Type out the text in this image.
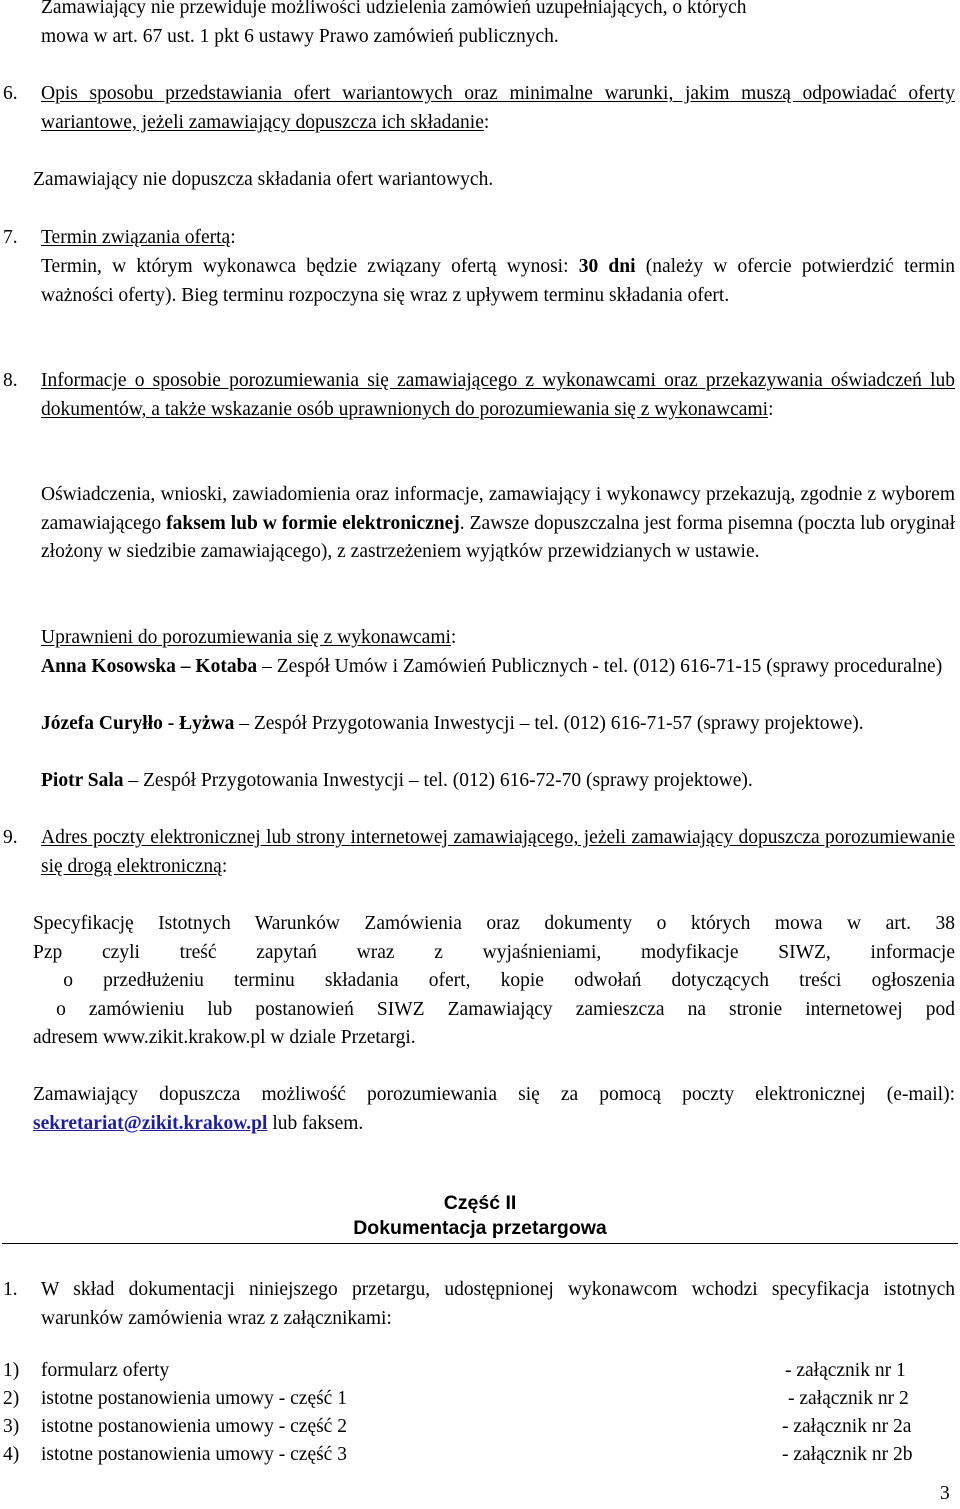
Zamawiający nie przewiduje możliwości udzielenia zamówień uzupełniających, o których

mowa w art. 67 ust. 1 pkt 6 ustawy Prawo zamówień publicznych.

6. Opis sposobu przedstawiania ofert wariantowych oraz minimalne warunki, jakim muszą odpowiadać oferty wariantowe, jeżeli zamawiający dopuszcza ich składanie:

Zamawiający nie dopuszcza składania ofert wariantowych.

7. Termin związania ofertą:

Termin, w którym wykonawca będzie związany ofertą wynosi: 30 dni (należy w ofercie potwierdzić termin ważności oferty). Bieg terminu rozpoczyna się wraz z upływem terminu składania ofert.

8. Informacje o sposobie porozumiewania się zamawiającego z wykonawcami oraz przekazywania oświadczeń lub dokumentów, a także wskazanie osób uprawnionych do porozumiewania się z wykonawcami:

Oświadczenia, wnioski, zawiadomienia oraz informacje, zamawiający i wykonawcy przekazują, zgodnie z wyborem zamawiającego faksem lub w formie elektronicznej. Zawsze dopuszczalna jest forma pisemna (poczta lub oryginał złożony w siedzibie zamawiającego), z zastrzeżeniem wyjątków przewidzianych w ustawie.

Uprawnieni do porozumiewania się z wykonawcami:

Anna Kosowska – Kotaba – Zespół Umów i Zamówień Publicznych - tel. (012) 616-71-15 (sprawy proceduralne)

Józefa Curyłło - Łyżwa – Zespół Przygotowania Inwestycji – tel. (012) 616-71-57 (sprawy projektowe).

Piotr Sala – Zespół Przygotowania Inwestycji – tel. (012) 616-72-70 (sprawy projektowe).

9. Adres poczty elektronicznej lub strony internetowej zamawiającego, jeżeli zamawiający dopuszcza porozumiewanie się drogą elektroniczną:

Specyfikację Istotnych Warunków Zamówienia oraz dokumenty o których mowa w art. 38

Pzp czyli treść zapytań wraz z wyjaśnieniami, modyfikacje SIWZ, informacje

o przedłużeniu terminu składania ofert, kopie odwołań dotyczących treści ogłoszenia

o zamówieniu lub postanowień SIWZ Zamawiający zamieszcza na stronie internetowej pod

adresem www.zikit.krakow.pl w dziale Przetargi.

Zamawiający dopuszcza możliwość porozumiewania się za pomocą poczty elektronicznej (e-mail): sekretariat@zikit.krakow.pl lub faksem.

Część II
Dokumentacja przetargowa
1. W skład dokumentacji niniejszego przetargu, udostępnionej wykonawcom wchodzi specyfikacja istotnych warunków zamówienia wraz z załącznikami:

1) formularz oferty	- załącznik nr 1
2) istotne postanowienia umowy - część 1	- załącznik nr 2
3) istotne postanowienia umowy - część 2	- załącznik nr 2a
4) istotne postanowienia umowy - część 3	- załącznik nr 2b
3
